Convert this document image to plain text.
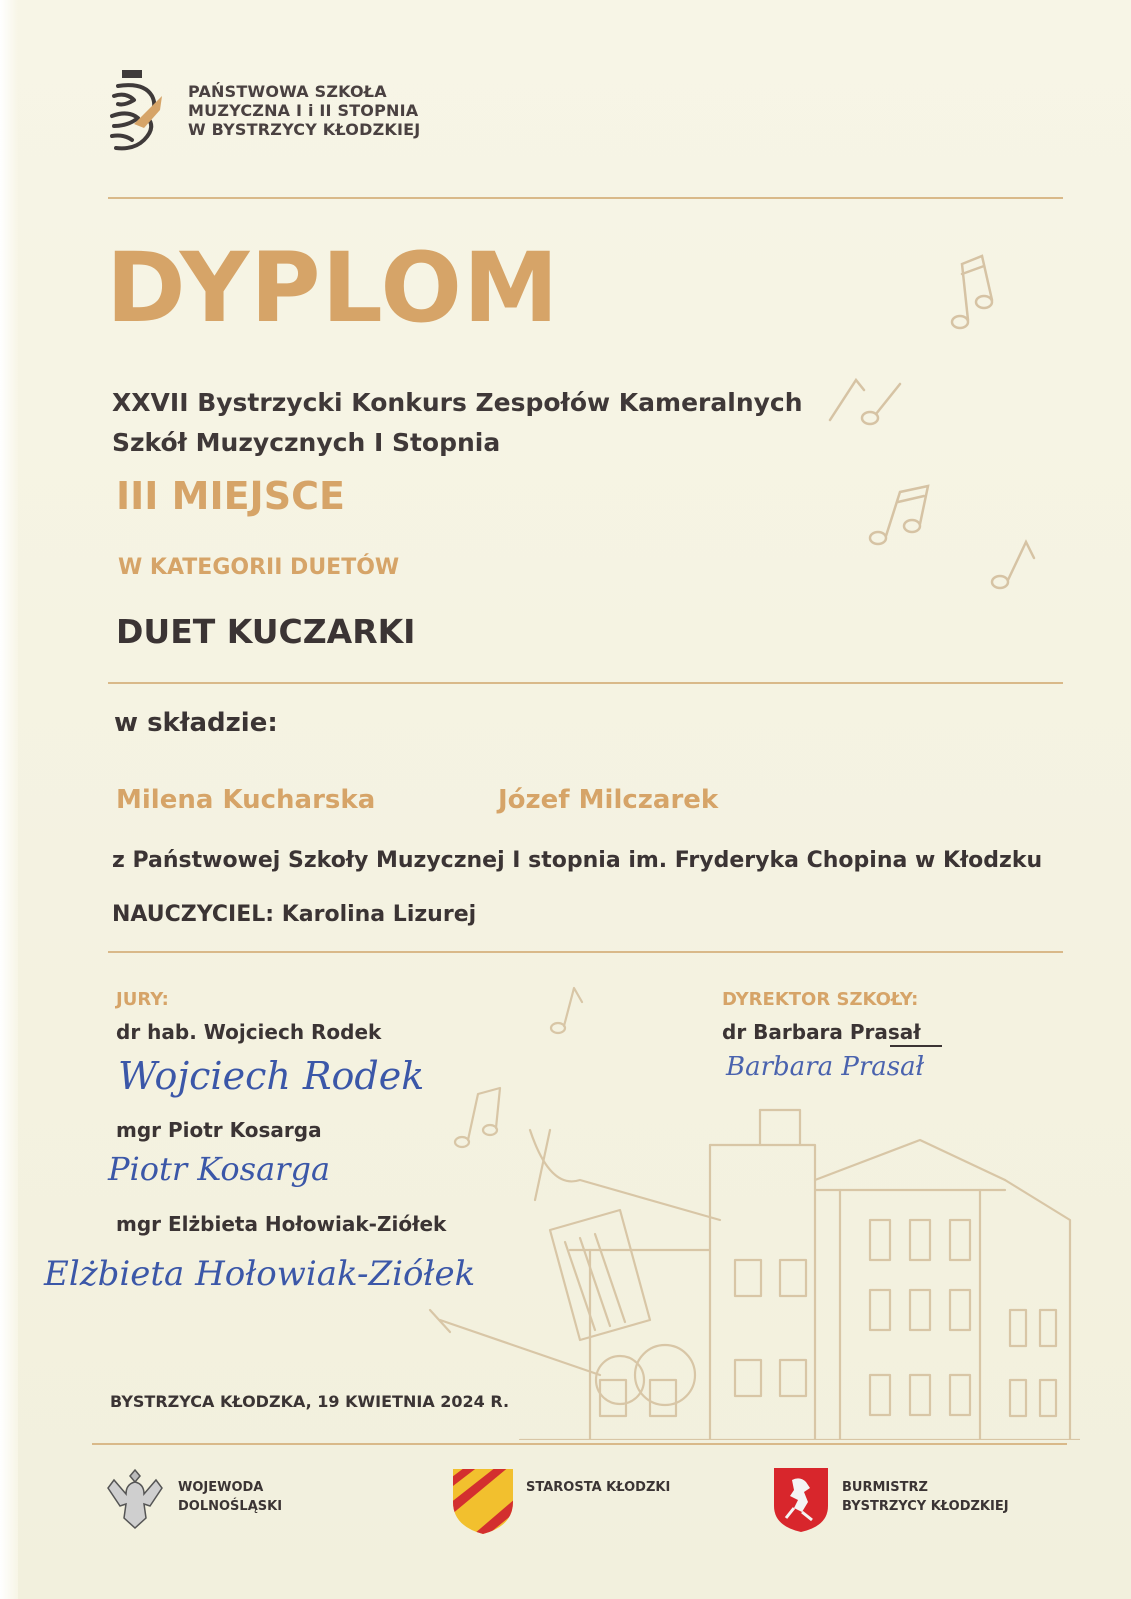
PAŃSTWOWA SZKOŁA
MUZYCZNA I i II STOPNIA
W BYSTRZYCY KŁODZKIEJ
DYPLOM
XXVII Bystrzycki Konkurs Zespołów Kameralnych
Szkół Muzycznych I Stopnia
III MIEJSCE
W KATEGORII DUETÓW
DUET KUCZARKI
w składzie:
Milena Kucharska	Józef Milczarek
z Państwowej Szkoły Muzycznej I stopnia im. Fryderyka Chopina w Kłodzku
NAUCZYCIEL: Karolina Lizurej
JURY:
dr hab. Wojciech Rodek
Wojciech Rodek
mgr Piotr Kosarga
Piotr Kosarga
mgr Elżbieta Hołowiak-Ziółek
Elżbieta Hołowiak-Ziółek
DYREKTOR SZKOŁY:
dr Barbara Prasał
Barbara Prasał
BYSTRZYCA KŁODZKA, 19 KWIETNIA 2024 R.
WOJEWODA
DOLNOŚLĄSKI
STAROSTA KŁODZKI	BURMISTRZ
BYSTRZYCY KŁODZKIEJ
